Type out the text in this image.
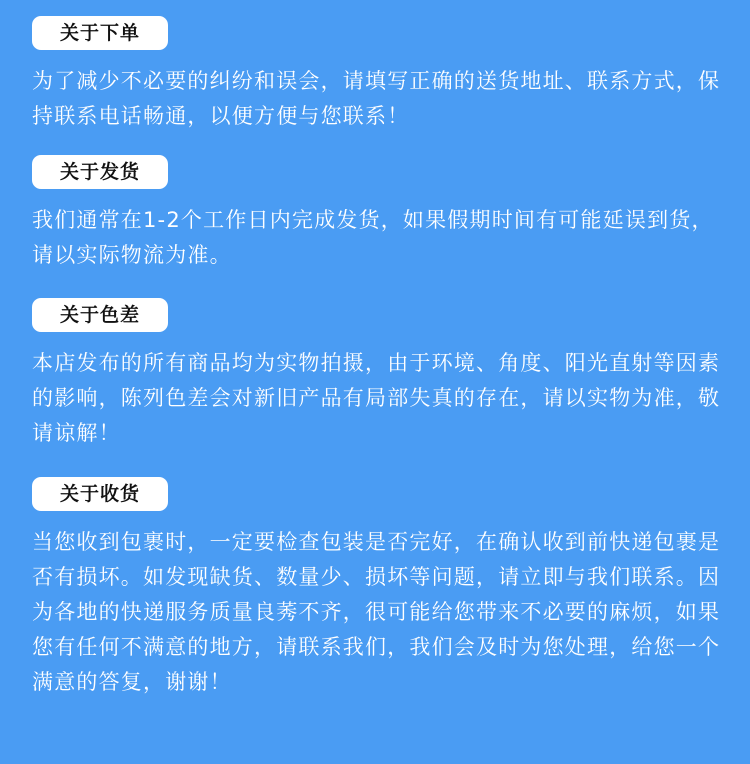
关于下单
为了减少不必要的纠纷和误会，请填写正确的送货地址、联系方式，保持联系电话畅通，以便方便与您联系！
关于发货
我们通常在1-2个工作日内完成发货，如果假期时间有可能延误到货，请以实际物流为准。
关于色差
本店发布的所有商品均为实物拍摄，由于环境、角度、阳光直射等因素的影响，陈列色差会对新旧产品有局部失真的存在，请以实物为准，敬请谅解！
关于收货
当您收到包裹时，一定要检查包装是否完好，在确认收到前快递包裹是否有损坏。如发现缺货、数量少、损坏等问题，请立即与我们联系。因为各地的快递服务质量良莠不齐，很可能给您带来不必要的麻烦，如果您有任何不满意的地方，请联系我们，我们会及时为您处理，给您一个满意的答复，谢谢！
